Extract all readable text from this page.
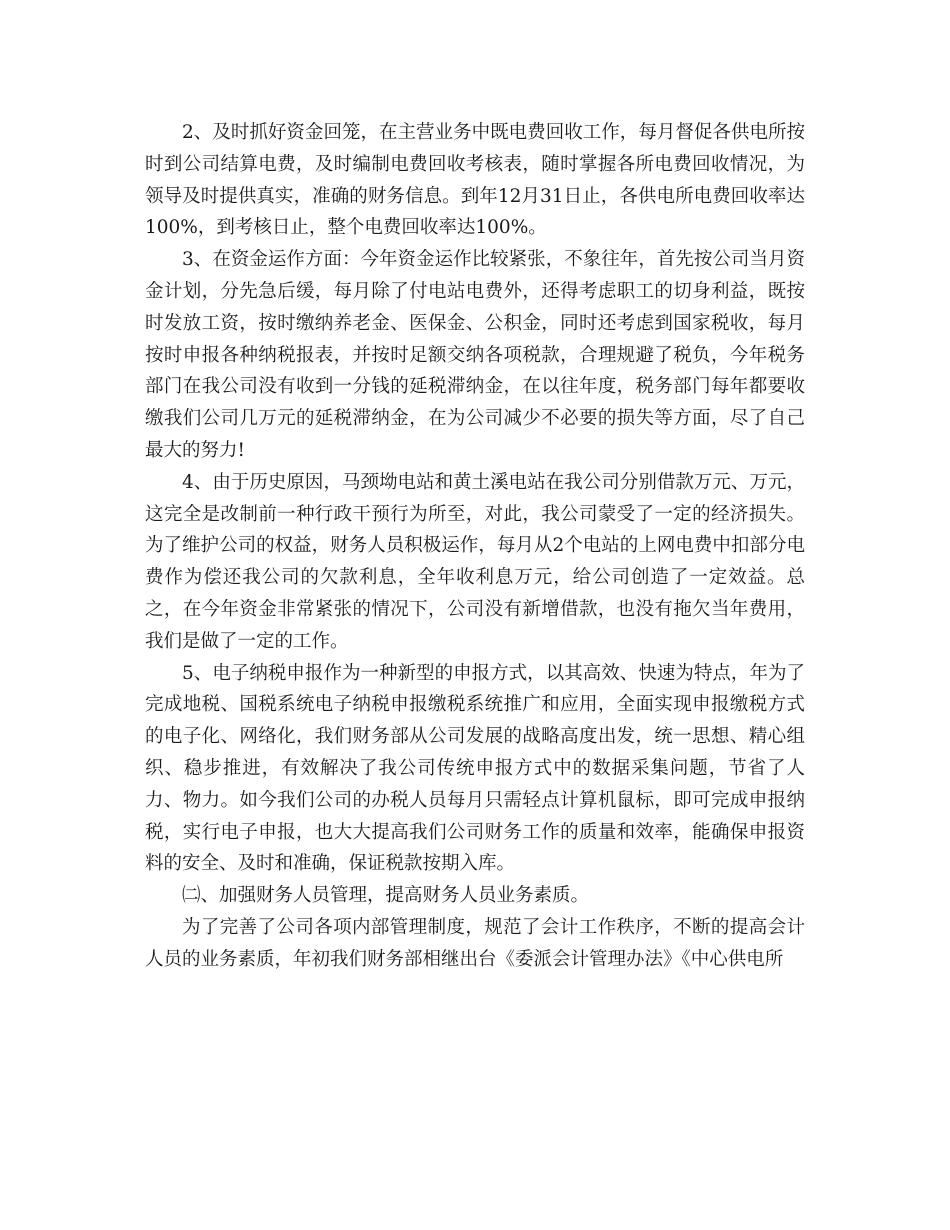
2、及时抓好资金回笼，在主营业务中既电费回收工作，每月督促各供电所按时到公司结算电费，及时编制电费回收考核表，随时掌握各所电费回收情况，为领导及时提供真实，准确的财务信息。到年12月31日止，各供电所电费回收率达100%，到考核日止，整个电费回收率达100%。

3、在资金运作方面：今年资金运作比较紧张，不象往年，首先按公司当月资金计划，分先急后缓，每月除了付电站电费外，还得考虑职工的切身利益，既按时发放工资，按时缴纳养老金、医保金、公积金，同时还考虑到国家税收，每月按时申报各种纳税报表，并按时足额交纳各项税款，合理规避了税负，今年税务部门在我公司没有收到一分钱的延税滞纳金，在以往年度，税务部门每年都要收缴我们公司几万元的延税滞纳金，在为公司减少不必要的损失等方面，尽了自己最大的努力!

4、由于历史原因，马颈坳电站和黄土溪电站在我公司分别借款万元、万元，这完全是改制前一种行政干预行为所至，对此，我公司蒙受了一定的经济损失。为了维护公司的权益，财务人员积极运作，每月从2个电站的上网电费中扣部分电费作为偿还我公司的欠款利息，全年收利息万元，给公司创造了一定效益。总之，在今年资金非常紧张的情况下，公司没有新增借款，也没有拖欠当年费用，我们是做了一定的工作。

5、电子纳税申报作为一种新型的申报方式，以其高效、快速为特点，年为了完成地税、国税系统电子纳税申报缴税系统推广和应用，全面实现申报缴税方式的电子化、网络化，我们财务部从公司发展的战略高度出发，统一思想、精心组织、稳步推进，有效解决了我公司传统申报方式中的数据采集问题，节省了人力、物力。如今我们公司的办税人员每月只需轻点计算机鼠标，即可完成申报纳税，实行电子申报，也大大提高我们公司财务工作的质量和效率，能确保申报资料的安全、及时和准确，保证税款按期入库。

㈡、加强财务人员管理，提高财务人员业务素质。

为了完善了公司各项内部管理制度，规范了会计工作秩序，不断的提高会计人员的业务素质，年初我们财务部相继出台《委派会计管理办法》《中心供电所
